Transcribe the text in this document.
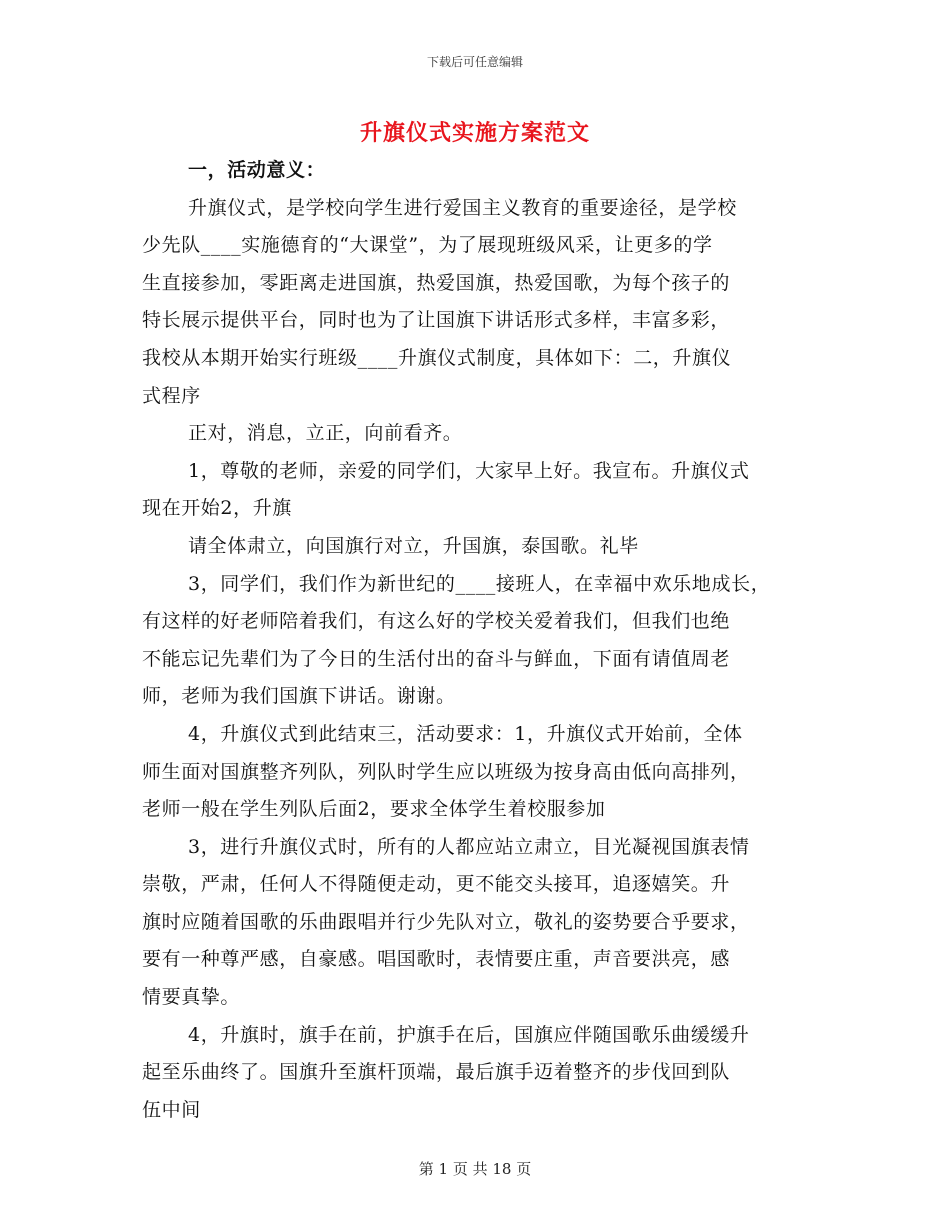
下载后可任意编辑
升旗仪式实施方案范文
一，活动意义：
升旗仪式，是学校向学生进行爱国主义教育的重要途径，是学校
少先队____实施德育的“大课堂”，为了展现班级风采，让更多的学
生直接参加，零距离走进国旗，热爱国旗，热爱国歌，为每个孩子的
特长展示提供平台，同时也为了让国旗下讲话形式多样，丰富多彩，
我校从本期开始实行班级____升旗仪式制度，具体如下：二，升旗仪
式程序
正对，消息，立正，向前看齐。
1，尊敬的老师，亲爱的同学们，大家早上好。我宣布。升旗仪式
现在开始2，升旗
请全体肃立，向国旗行对立，升国旗，泰国歌。礼毕
3，同学们，我们作为新世纪的____接班人，在幸福中欢乐地成长，
有这样的好老师陪着我们，有这么好的学校关爱着我们，但我们也绝
不能忘记先辈们为了今日的生活付出的奋斗与鲜血，下面有请值周老
师，老师为我们国旗下讲话。谢谢。
4，升旗仪式到此结束三，活动要求：1，升旗仪式开始前，全体
师生面对国旗整齐列队，列队时学生应以班级为按身高由低向高排列，
老师一般在学生列队后面2，要求全体学生着校服参加
3，进行升旗仪式时，所有的人都应站立肃立，目光凝视国旗表情
崇敬，严肃，任何人不得随便走动，更不能交头接耳，追逐嬉笑。升
旗时应随着国歌的乐曲跟唱并行少先队对立，敬礼的姿势要合乎要求，
要有一种尊严感，自豪感。唱国歌时，表情要庄重，声音要洪亮，感
情要真挚。
4，升旗时，旗手在前，护旗手在后，国旗应伴随国歌乐曲缓缓升
起至乐曲终了。国旗升至旗杆顶端，最后旗手迈着整齐的步伐回到队
伍中间
第 1 页 共 18 页
